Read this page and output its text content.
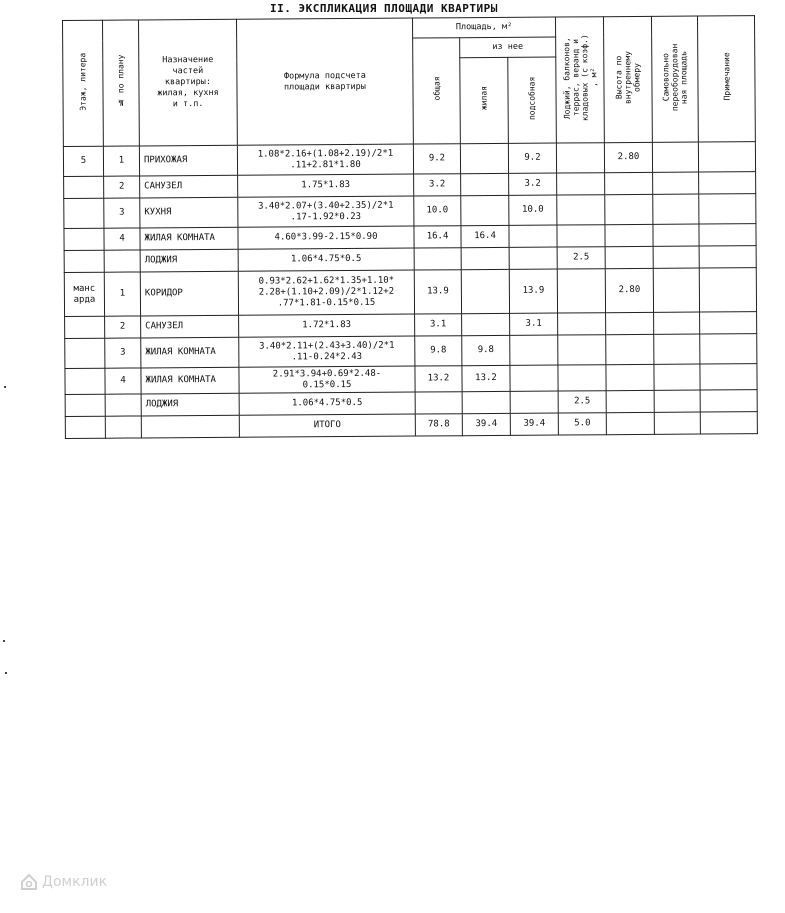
II. ЭКСПЛИКАЦИЯ ПЛОЩАДИ КВАРТИРЫ
Этаж, литера	№ по плану	Назначение
частей
квартиры:
жилая, кухня
и т.п.	Формула подсчета
площади квартиры	Площадь, м²			Лоджий, балконов,
террас, веранд и
кладовых (с коэф.)
, м²	Высота по
внутреннему
обмеру	Самовольно
переоборудован
ная площадь	Примечание
				общая	из нее					
					жилая	подсобная				
5	1	ПРИХОЖАЯ	1.08*2.16+(1.08+2.19)/2*1
.11+2.81*1.80	9.2		9.2		2.80		
	2	САНУЗЕЛ	1.75*1.83	3.2		3.2				
	3	КУХНЯ	3.40*2.07+(3.40+2.35)/2*1
.17-1.92*0.23	10.0		10.0				
	4	ЖИЛАЯ КОМНАТА	4.60*3.99-2.15*0.90	16.4	16.4					
		ЛОДЖИЯ	1.06*4.75*0.5				2.5			
манс
арда	1	КОРИДОР	0.93*2.62+1.62*1.35+1.10*
2.28+(1.10+2.09)/2*1.12+2
.77*1.81-0.15*0.15	13.9		13.9		2.80		
	2	САНУЗЕЛ	1.72*1.83	3.1		3.1				
	3	ЖИЛАЯ КОМНАТА	3.40*2.11+(2.43+3.40)/2*1
.11-0.24*2.43	9.8	9.8					
	4	ЖИЛАЯ КОМНАТА	2.91*3.94+0.69*2.48-
0.15*0.15	13.2	13.2					
		ЛОДЖИЯ	1.06*4.75*0.5				2.5			
			ИТОГО	78.8	39.4	39.4	5.0			
Домклик
